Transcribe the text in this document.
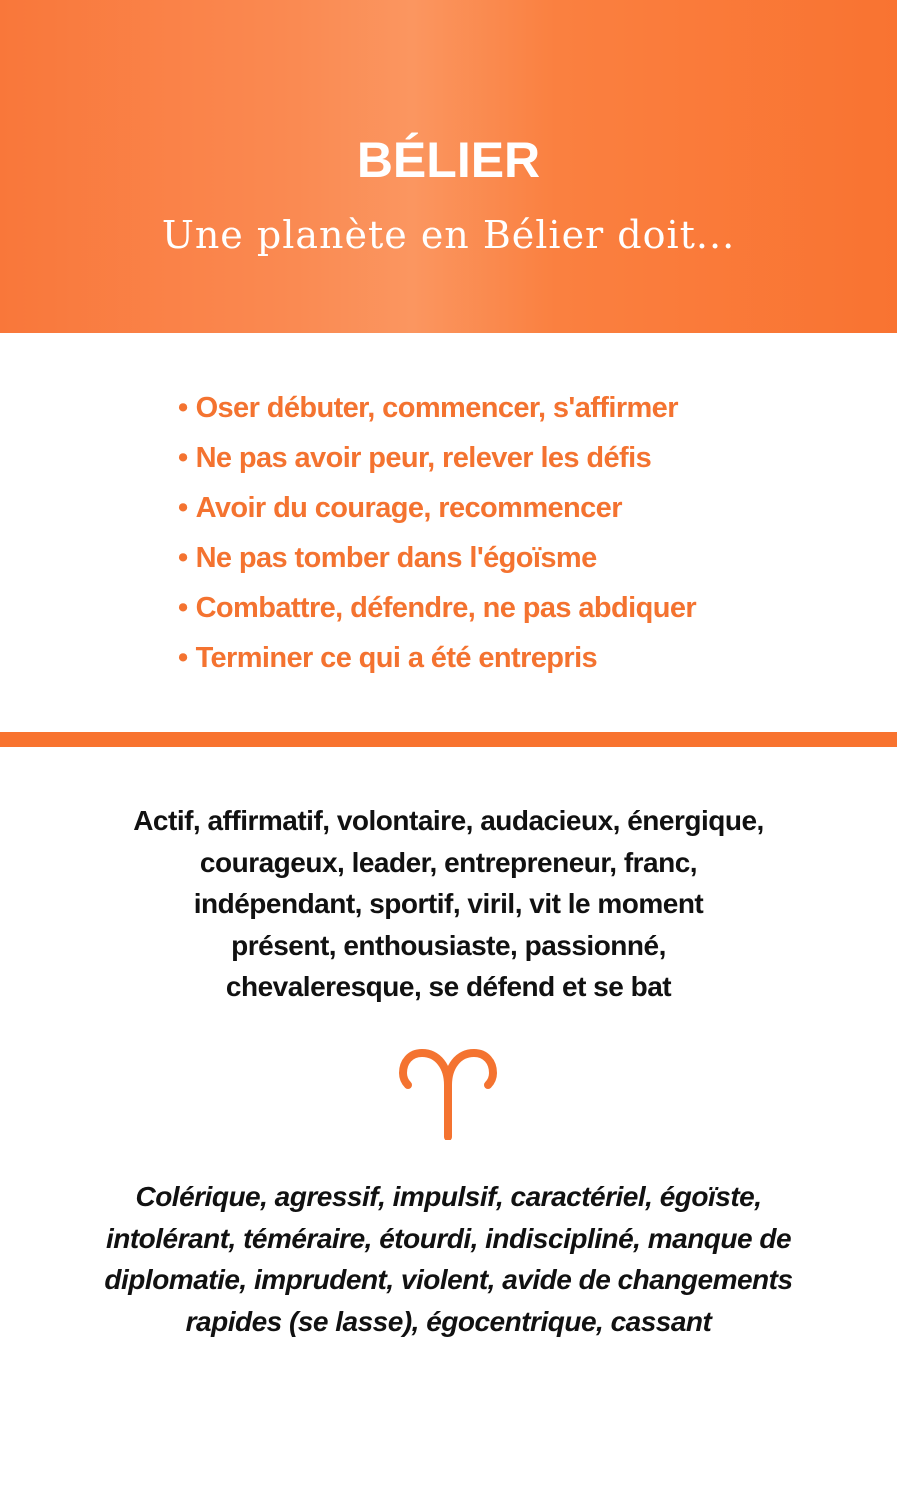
BÉLIER
Une planète en Bélier doit...
• Oser débuter, commencer, s'affirmer
• Ne pas avoir peur, relever les défis
• Avoir du courage, recommencer
• Ne pas tomber dans l'égoïsme
• Combattre, défendre, ne pas abdiquer
• Terminer ce qui a été entrepris
Actif, affirmatif, volontaire, audacieux, énergique,
courageux, leader, entrepreneur, franc,
indépendant, sportif, viril, vit le moment
présent, enthousiaste, passionné,
chevaleresque, se défend et se bat
Colérique, agressif, impulsif, caractériel, égoïste,
intolérant, téméraire, étourdi, indiscipliné, manque de
diplomatie, imprudent, violent, avide de changements
rapides (se lasse), égocentrique, cassant
